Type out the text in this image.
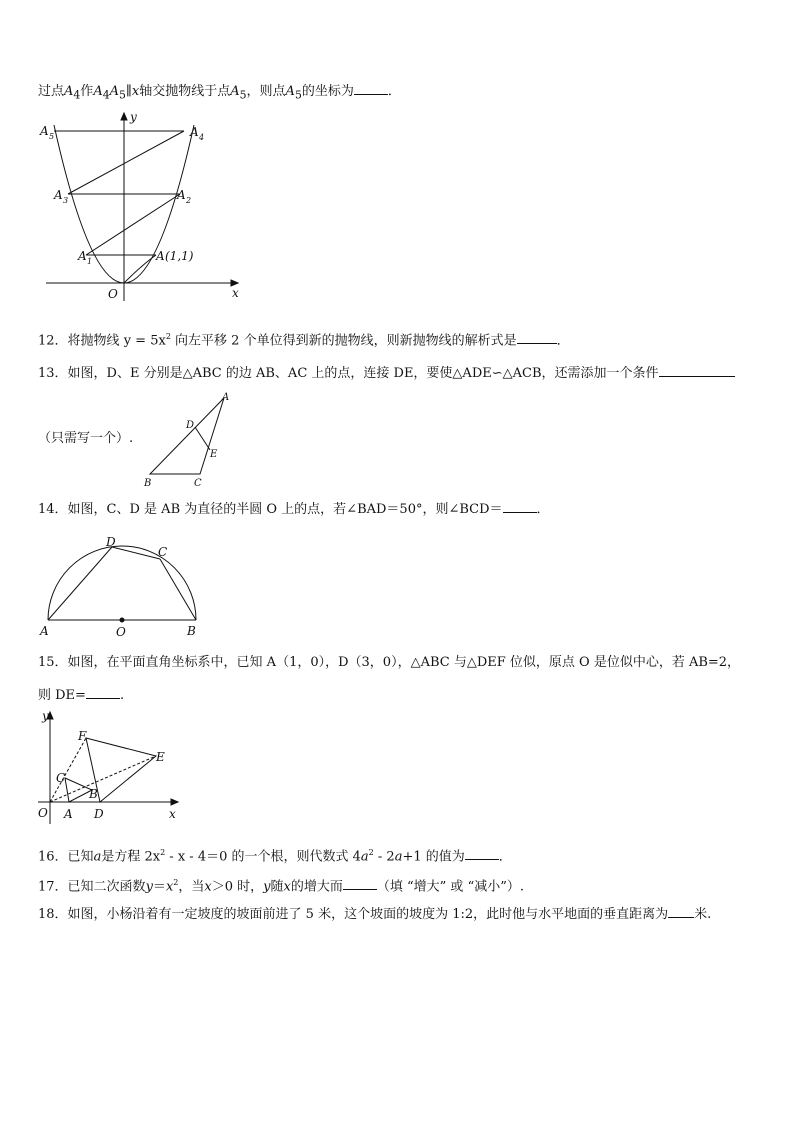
过点$A_4$作$A_4A_5\parallel x$轴交抛物线于点$A_5$，则点$A_5$的坐标为	．
y
x
O
A 5	A 4
A 3	A 2
A 1	A (1,1)
12．将抛物线 $y = 5x^2$ 向左平移 2 个单位得到新的抛物线，则新抛物线的解析式是	．
13．如图，D、E 分别是△ABC 的边 AB、AC 上的点，连接 DE，要使△ADE∽△ACB，还需添加一个条件
（只需写一个）.
A
D
E
B	C
14．如图，C、D 是 AB 为直径的半圆 O 上的点，若∠BAD＝50°，则∠BCD＝	．
D
C
A	O	B
15．如图，在平面直角坐标系中，已知 A（1，0），D（3，0），△ABC 与△DEF 位似，原点 O 是位似中心，若 AB=2，
则 DE=	.
y
x
O A
B
C
D
E
F
16．已知a是方程 $2x^2 - x - 4=0$ 的一个根，则代数式 $4a^2 - 2a+1$ 的值为	．
17．已知二次函数$y=x^2$，当x＞0 时，y随x的增大而	（填 “增大” 或 “减小”）.
18．如图，小杨沿着有一定坡度的坡面前进了 5 米，这个坡面的坡度为 1:2，此时他与水平地面的垂直距离为 米.
